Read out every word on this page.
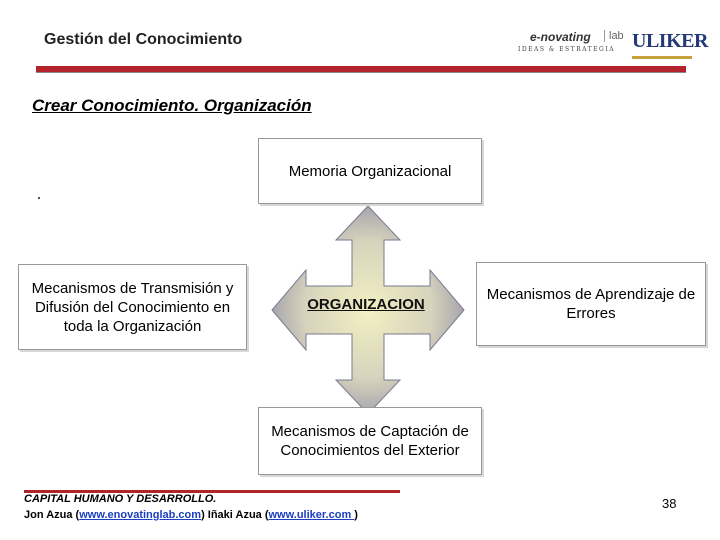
Gestión del Conocimiento	e-novating	lab
IDEAS & ESTRATEGIA ULIKER
Crear Conocimiento. Organización
ORGANIZACION
Memoria Organizacional
Mecanismos de Transmisión y Difusión del Conocimiento en toda la Organización
Mecanismos de Aprendizaje de Errores
Mecanismos de Captación de Conocimientos del Exterior
CAPITAL HUMANO Y DESARROLLO.
Jon Azua (www.enovatinglab.com) Iñaki Azua (www.uliker.com )
38
